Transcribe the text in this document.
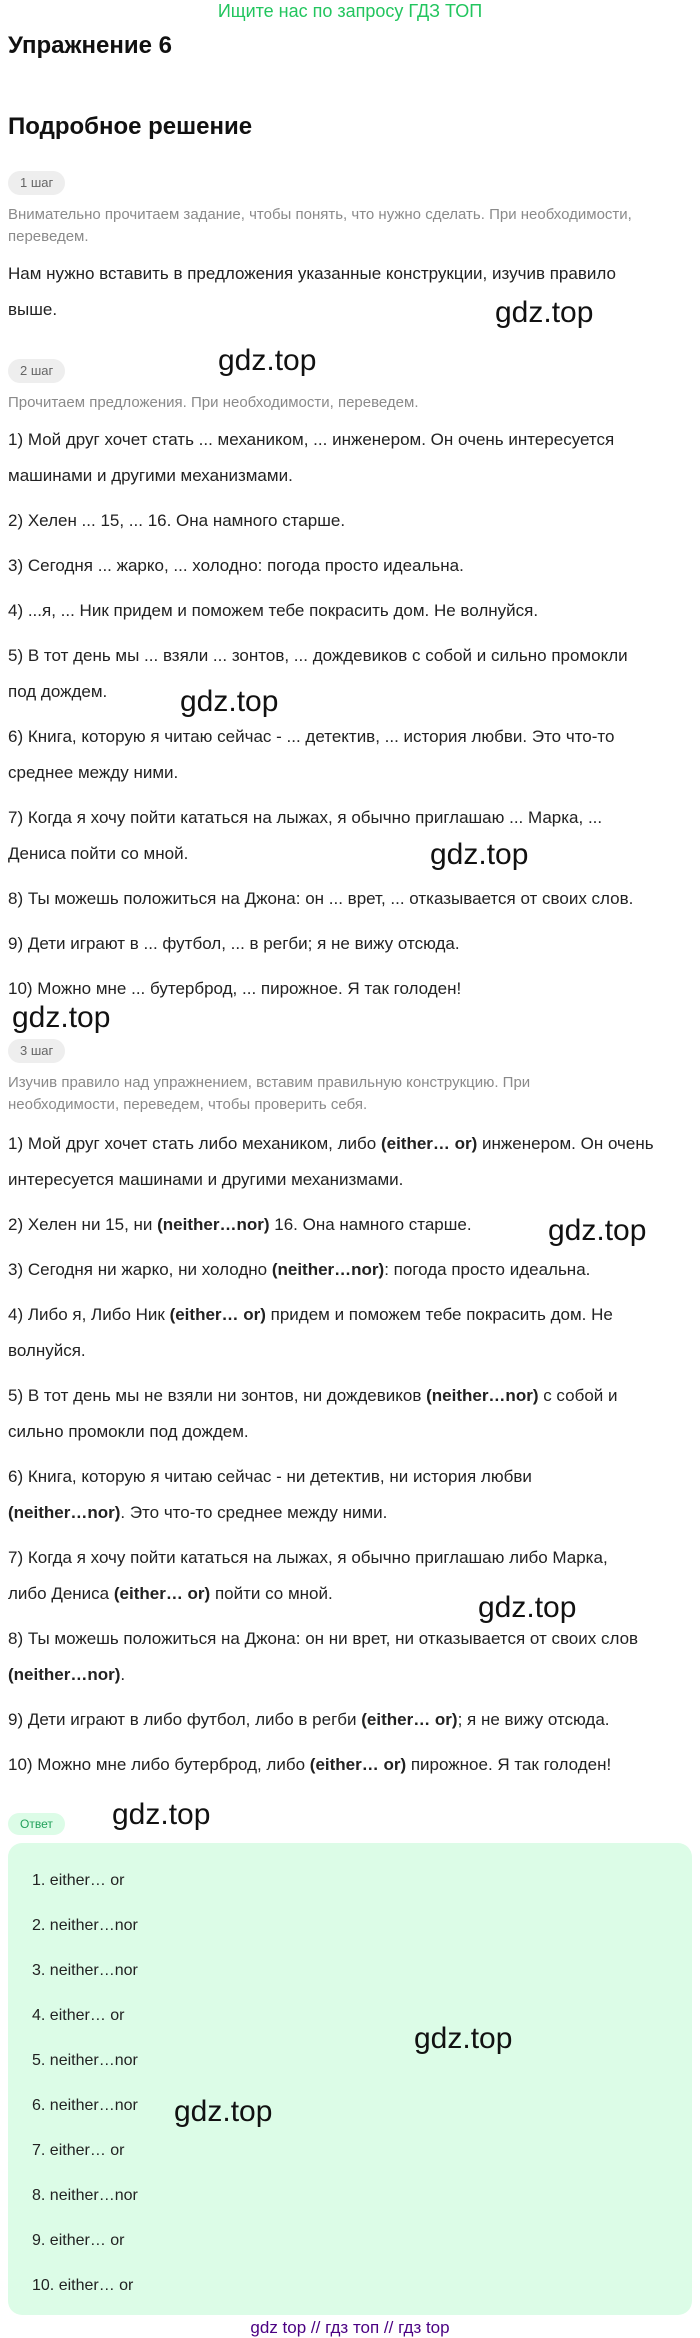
Ищите нас по запросу ГДЗ ТОП
Упражнение 6
Подробное решение
1 шаг
Внимательно прочитаем задание, чтобы понять, что нужно сделать. При необходимости,
переведем.
Нам нужно вставить в предложения указанные конструкции, изучив правило
выше.
2 шаг
Прочитаем предложения. При необходимости, переведем.
1) Мой друг хочет стать ... механиком, ... инженером. Он очень интересуется
машинами и другими механизмами.
2) Хелен ... 15, ... 16. Она намного старше.
3) Сегодня ... жарко, ... холодно: погода просто идеальна.
4) ...я, ... Ник придем и поможем тебе покрасить дом. Не волнуйся.
5) В тот день мы ... взяли ... зонтов, ... дождевиков с собой и сильно промокли
под дождем.
6) Книга, которую я читаю сейчас - ... детектив, ... история любви. Это что-то
среднее между ними.
7) Когда я хочу пойти кататься на лыжах, я обычно приглашаю ... Марка, ...
Дениса пойти со мной.
8) Ты можешь положиться на Джона: он ... врет, ... отказывается от своих слов.
9) Дети играют в ... футбол, ... в регби; я не вижу отсюда.
10) Можно мне ... бутерброд, ... пирожное. Я так голоден!
3 шаг
Изучив правило над упражнением, вставим правильную конструкцию. При
необходимости, переведем, чтобы проверить себя.
1) Мой друг хочет стать либо механиком, либо (either… or) инженером. Он очень
интересуется машинами и другими механизмами.
2) Хелен ни 15, ни (neither…nor) 16. Она намного старше.
3) Сегодня ни жарко, ни холодно (neither…nor): погода просто идеальна.
4) Либо я, Либо Ник (either… or) придем и поможем тебе покрасить дом. Не
волнуйся.
5) В тот день мы не взяли ни зонтов, ни дождевиков (neither…nor) с собой и
сильно промокли под дождем.
6) Книга, которую я читаю сейчас - ни детектив, ни история любви
(neither…nor). Это что-то среднее между ними.
7) Когда я хочу пойти кататься на лыжах, я обычно приглашаю либо Марка,
либо Дениса (either… or) пойти со мной.
8) Ты можешь положиться на Джона: он ни врет, ни отказывается от своих слов
(neither…nor).
9) Дети играют в либо футбол, либо в регби (either… or); я не вижу отсюда.
10) Можно мне либо бутерброд, либо (either… or) пирожное. Я так голоден!
Ответ
1. either… or
2. neither…nor
3. neither…nor
4. either… or
5. neither…nor
6. neither…nor
7. either… or
8. neither…nor
9. either… or
10. either… or
gdz.top
gdz.top
gdz.top
gdz.top
gdz.top
gdz.top
gdz.top
gdz.top
gdz.top
gdz.top
gdz top // гдз топ // гдз top
